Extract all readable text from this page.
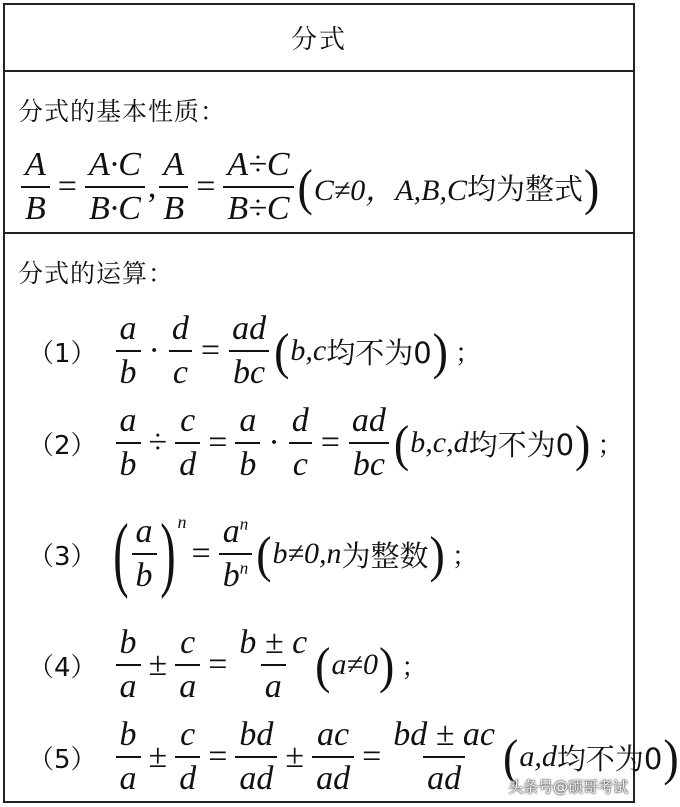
分式
分式的基本性质：
$\frac{A}{B} = \frac{A\cdot C}{B\cdot C}$ , $\frac{A}{B} = \frac{A\div C}{B\div C}$ ( C≠0，A,B,C 均为整式 )
分式的运算：
$(1) \frac{a}{b} \cdot \frac{d}{c} = \frac{ad}{bc}$ ( b,c 均不为0 ) ；
$(2) \frac{a}{b} \div \frac{c}{d} = \frac{a}{b} \cdot \frac{d}{c} = \frac{ad}{bc}$ ( b,c,d 均不为0 ) ；
（3） ( $\frac{a}{b}$ ) n
= $\frac{a^n}{b^n}$ ( b≠0,n 为整数 ) ；
$(4) \frac{b}{a} \pm \frac{c}{a} = \frac{b \pm c}{a}$ ( a≠0 ) ；
$(5) \frac{b}{a} \pm \frac{c}{d} = \frac{bd}{ad} \pm \frac{ac}{ad} = \frac{bd \pm ac}{ad}$ ( a,d 均不为0 )
头条号@硕哥考试
